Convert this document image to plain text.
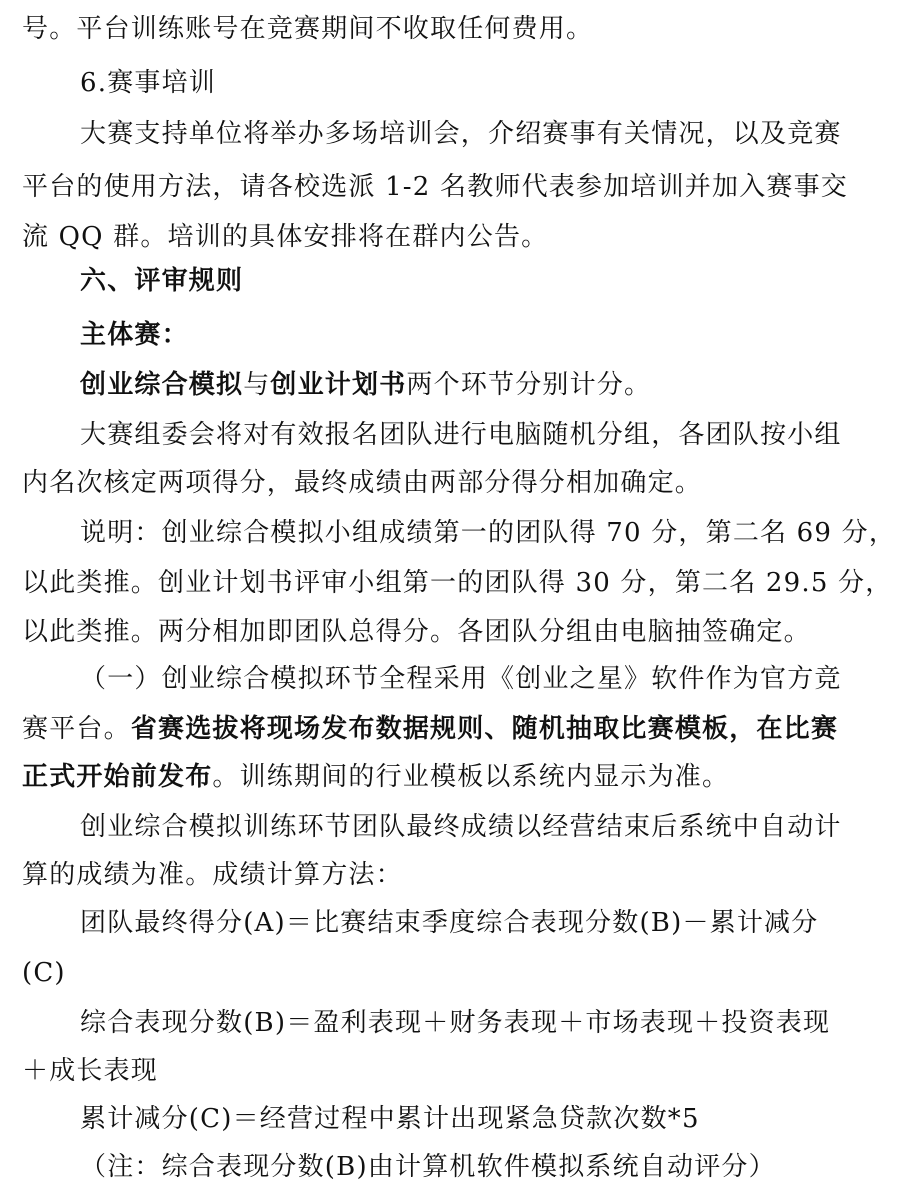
号。平台训练账号在竞赛期间不收取任何费用。
6.赛事培训
大赛支持单位将举办多场培训会，介绍赛事有关情况，以及竞赛
平台的使用方法，请各校选派 1-2 名教师代表参加培训并加入赛事交
流 QQ 群。培训的具体安排将在群内公告。
六、评审规则
主体赛：
创业综合模拟与创业计划书两个环节分别计分。
大赛组委会将对有效报名团队进行电脑随机分组，各团队按小组
内名次核定两项得分，最终成绩由两部分得分相加确定。
说明：创业综合模拟小组成绩第一的团队得 70 分，第二名 69 分，
以此类推。创业计划书评审小组第一的团队得 30 分，第二名 29.5 分，
以此类推。两分相加即团队总得分。各团队分组由电脑抽签确定。
（一）创业综合模拟环节全程采用《创业之星》软件作为官方竞
赛平台。省赛选拔将现场发布数据规则、随机抽取比赛模板，在比赛
正式开始前发布。训练期间的行业模板以系统内显示为准。
创业综合模拟训练环节团队最终成绩以经营结束后系统中自动计
算的成绩为准。成绩计算方法：
团队最终得分(A)＝比赛结束季度综合表现分数(B)－累计减分
(C)
综合表现分数(B)＝盈利表现＋财务表现＋市场表现＋投资表现
＋成长表现
累计减分(C)＝经营过程中累计出现紧急贷款次数*5
（注：综合表现分数(B)由计算机软件模拟系统自动评分）
